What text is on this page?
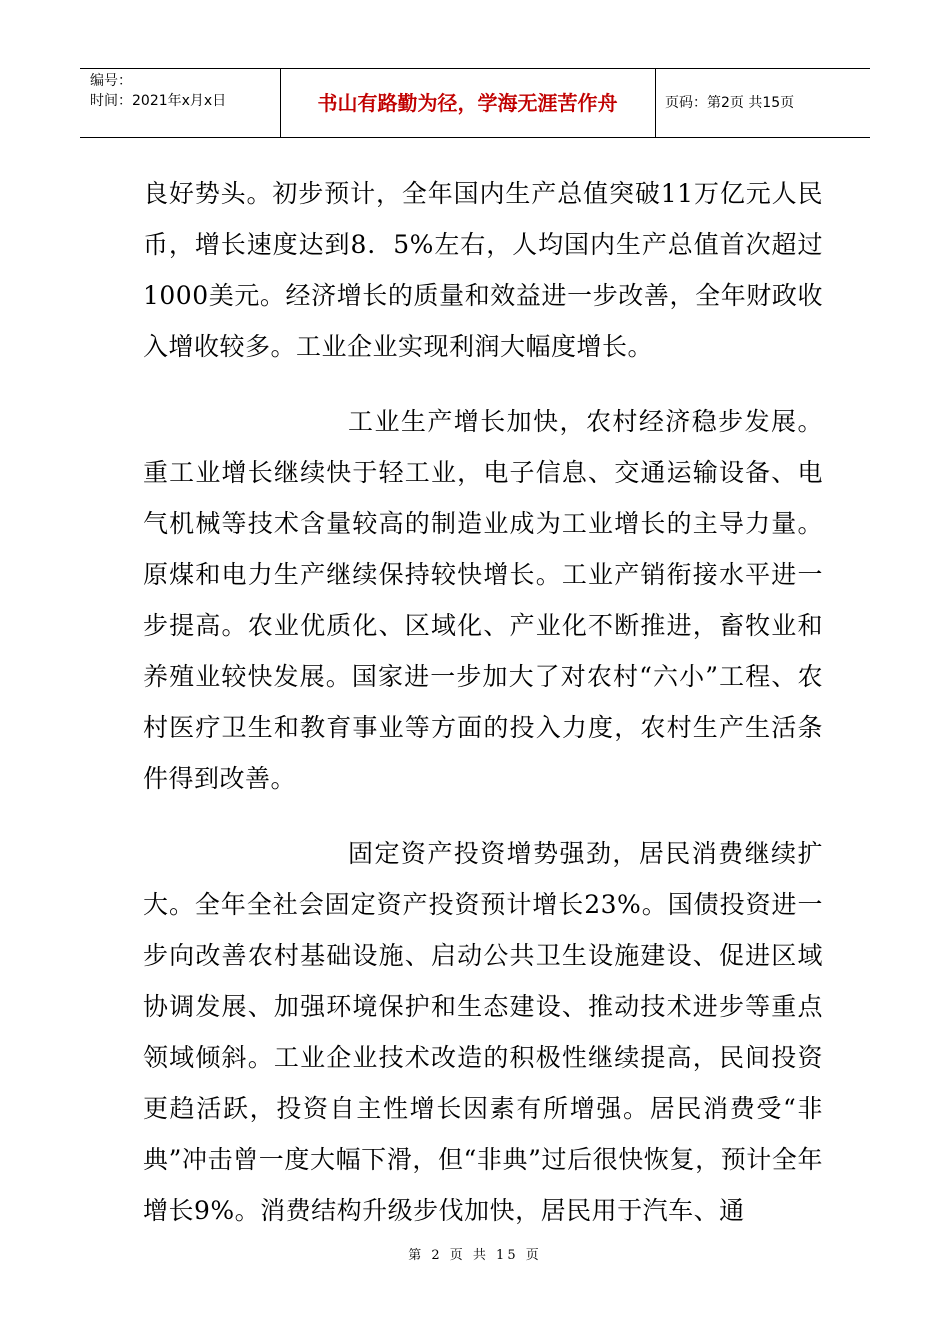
编号：
时间：2021年x月x日	书山有路勤为径，学海无涯苦作舟	页码：第2页 共15页

良好势头。初步预计，全年国内生产总值突破11万亿元人民币，增长速度达到8．5%左右，人均国内生产总值首次超过1000美元。经济增长的质量和效益进一步改善，全年财政收入增收较多。工业企业实现利润大幅度增长。

工业生产增长加快，农村经济稳步发展。重工业增长继续快于轻工业，电子信息、交通运输设备、电气机械等技术含量较高的制造业成为工业增长的主导力量。原煤和电力生产继续保持较快增长。工业产销衔接水平进一步提高。农业优质化、区域化、产业化不断推进，畜牧业和养殖业较快发展。国家进一步加大了对农村“六小”工程、农村医疗卫生和教育事业等方面的投入力度，农村生产生活条件得到改善。

固定资产投资增势强劲，居民消费继续扩大。全年全社会固定资产投资预计增长23%。国债投资进一步向改善农村基础设施、启动公共卫生设施建设、促进区域协调发展、加强环境保护和生态建设、推动技术进步等重点领域倾斜。工业企业技术改造的积极性继续提高，民间投资更趋活跃，投资自主性增长因素有所增强。居民消费受“非典”冲击曾一度大幅下滑，但“非典”过后很快恢复，预计全年增长9%。消费结构升级步伐加快，居民用于汽车、通

第 2 页 共 15 页
